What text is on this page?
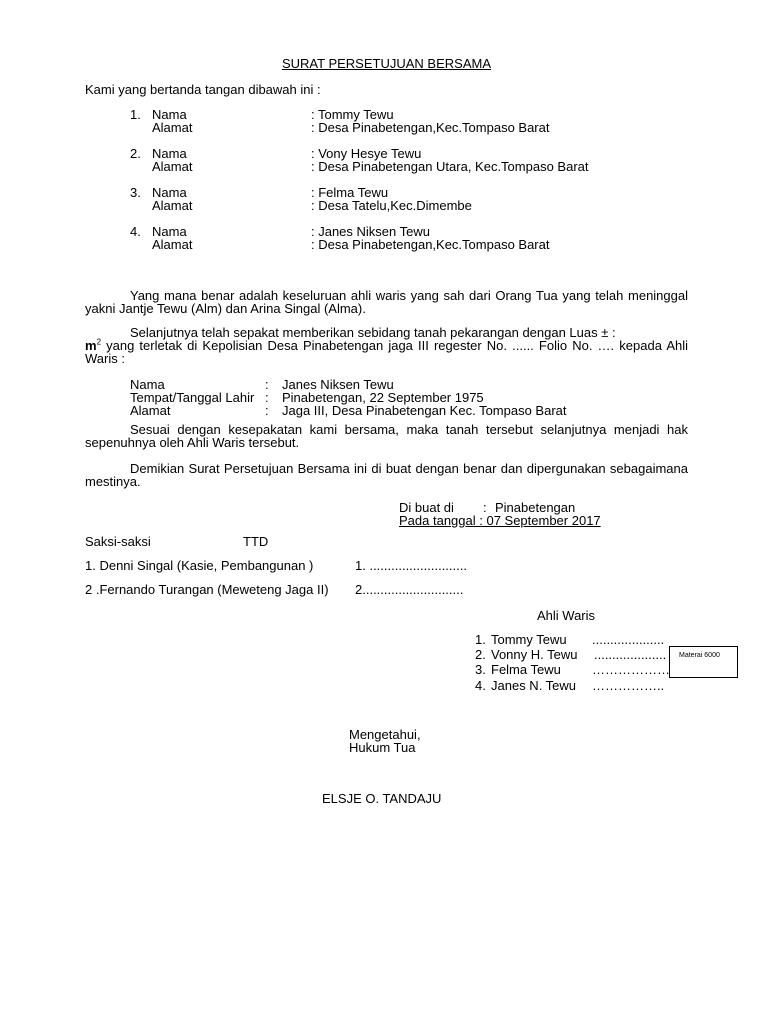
SURAT PERSETUJUAN BERSAMA
Kami yang bertanda tangan dibawah ini :
1. Nama	: Tommy Tewu
Alamat	: Desa Pinabetengan,Kec.Tompaso Barat
2. Nama	: Vony Hesye Tewu
Alamat	: Desa Pinabetengan Utara, Kec.Tompaso Barat
3. Nama	: Felma Tewu
Alamat	: Desa Tatelu,Kec.Dimembe
4. Nama	: Janes Niksen Tewu
Alamat	: Desa Pinabetengan,Kec.Tompaso Barat
Yang mana benar adalah keseluruan ahli waris yang sah dari Orang Tua yang telah meninggal yakni Jantje Tewu (Alm) dan Arina Singal (Alma).
Selanjutnya telah sepakat memberikan sebidang tanah pekarangan dengan Luas ± :
$m^2$ yang terletak di Kepolisian Desa Pinabetengan jaga III regester No. ...... Folio No. …. kepada Ahli Waris :
Nama	: Janes Niksen Tewu
Tempat/Tanggal Lahir : Pinabetengan, 22 September 1975
Alamat	: Jaga III, Desa Pinabetengan Kec. Tompaso Barat
Sesuai dengan kesepakatan kami bersama, maka tanah tersebut selanjutnya menjadi hak sepenuhnya oleh Ahli Waris tersebut.
Demikian Surat Persetujuan Bersama ini di buat dengan benar dan dipergunakan sebagaimana mestinya.
Di buat di : Pinabetengan
Pada tanggal : 07 September 2017
Saksi-saksi	TTD
1. Denni Singal (Kasie, Pembangunan )	1. ...........................
2 .Fernando Turangan (Meweteng Jaga II) 2............................
Ahli Waris
1. Tommy Tewu ....................
2. Vonny H. Tewu ....................
3. Felma Tewu ………………
4. Janes N. Tewu ……………..
Materai 6000
Mengetahui,
Hukum Tua
ELSJE O. TANDAJU
